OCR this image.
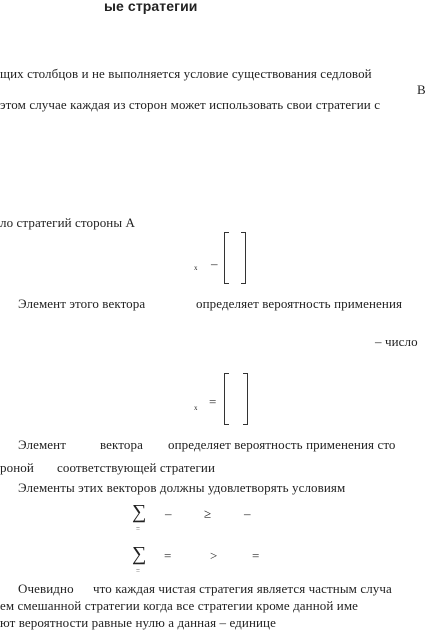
ые стратегии
щих столбцов и не выполняется условие существования седловой
В
этом случае каждая из сторон может использовать свои стратегии с
ло стратегий стороны А
x –
Элемент этого вектора	определяет вероятность применения
– число
x =
Элемент	вектора определяет вероятность применения сто
роной соответствующей стратегии
Элементы этих векторов должны удовлетворять условиям
∑
=
– ≥	–
∑
=
=	>	=
Очевидно что каждая чистая стратегия является частным случа
ем смешанной стратегии когда все стратегии кроме данной име
ют вероятности равные нулю а данная – единице
